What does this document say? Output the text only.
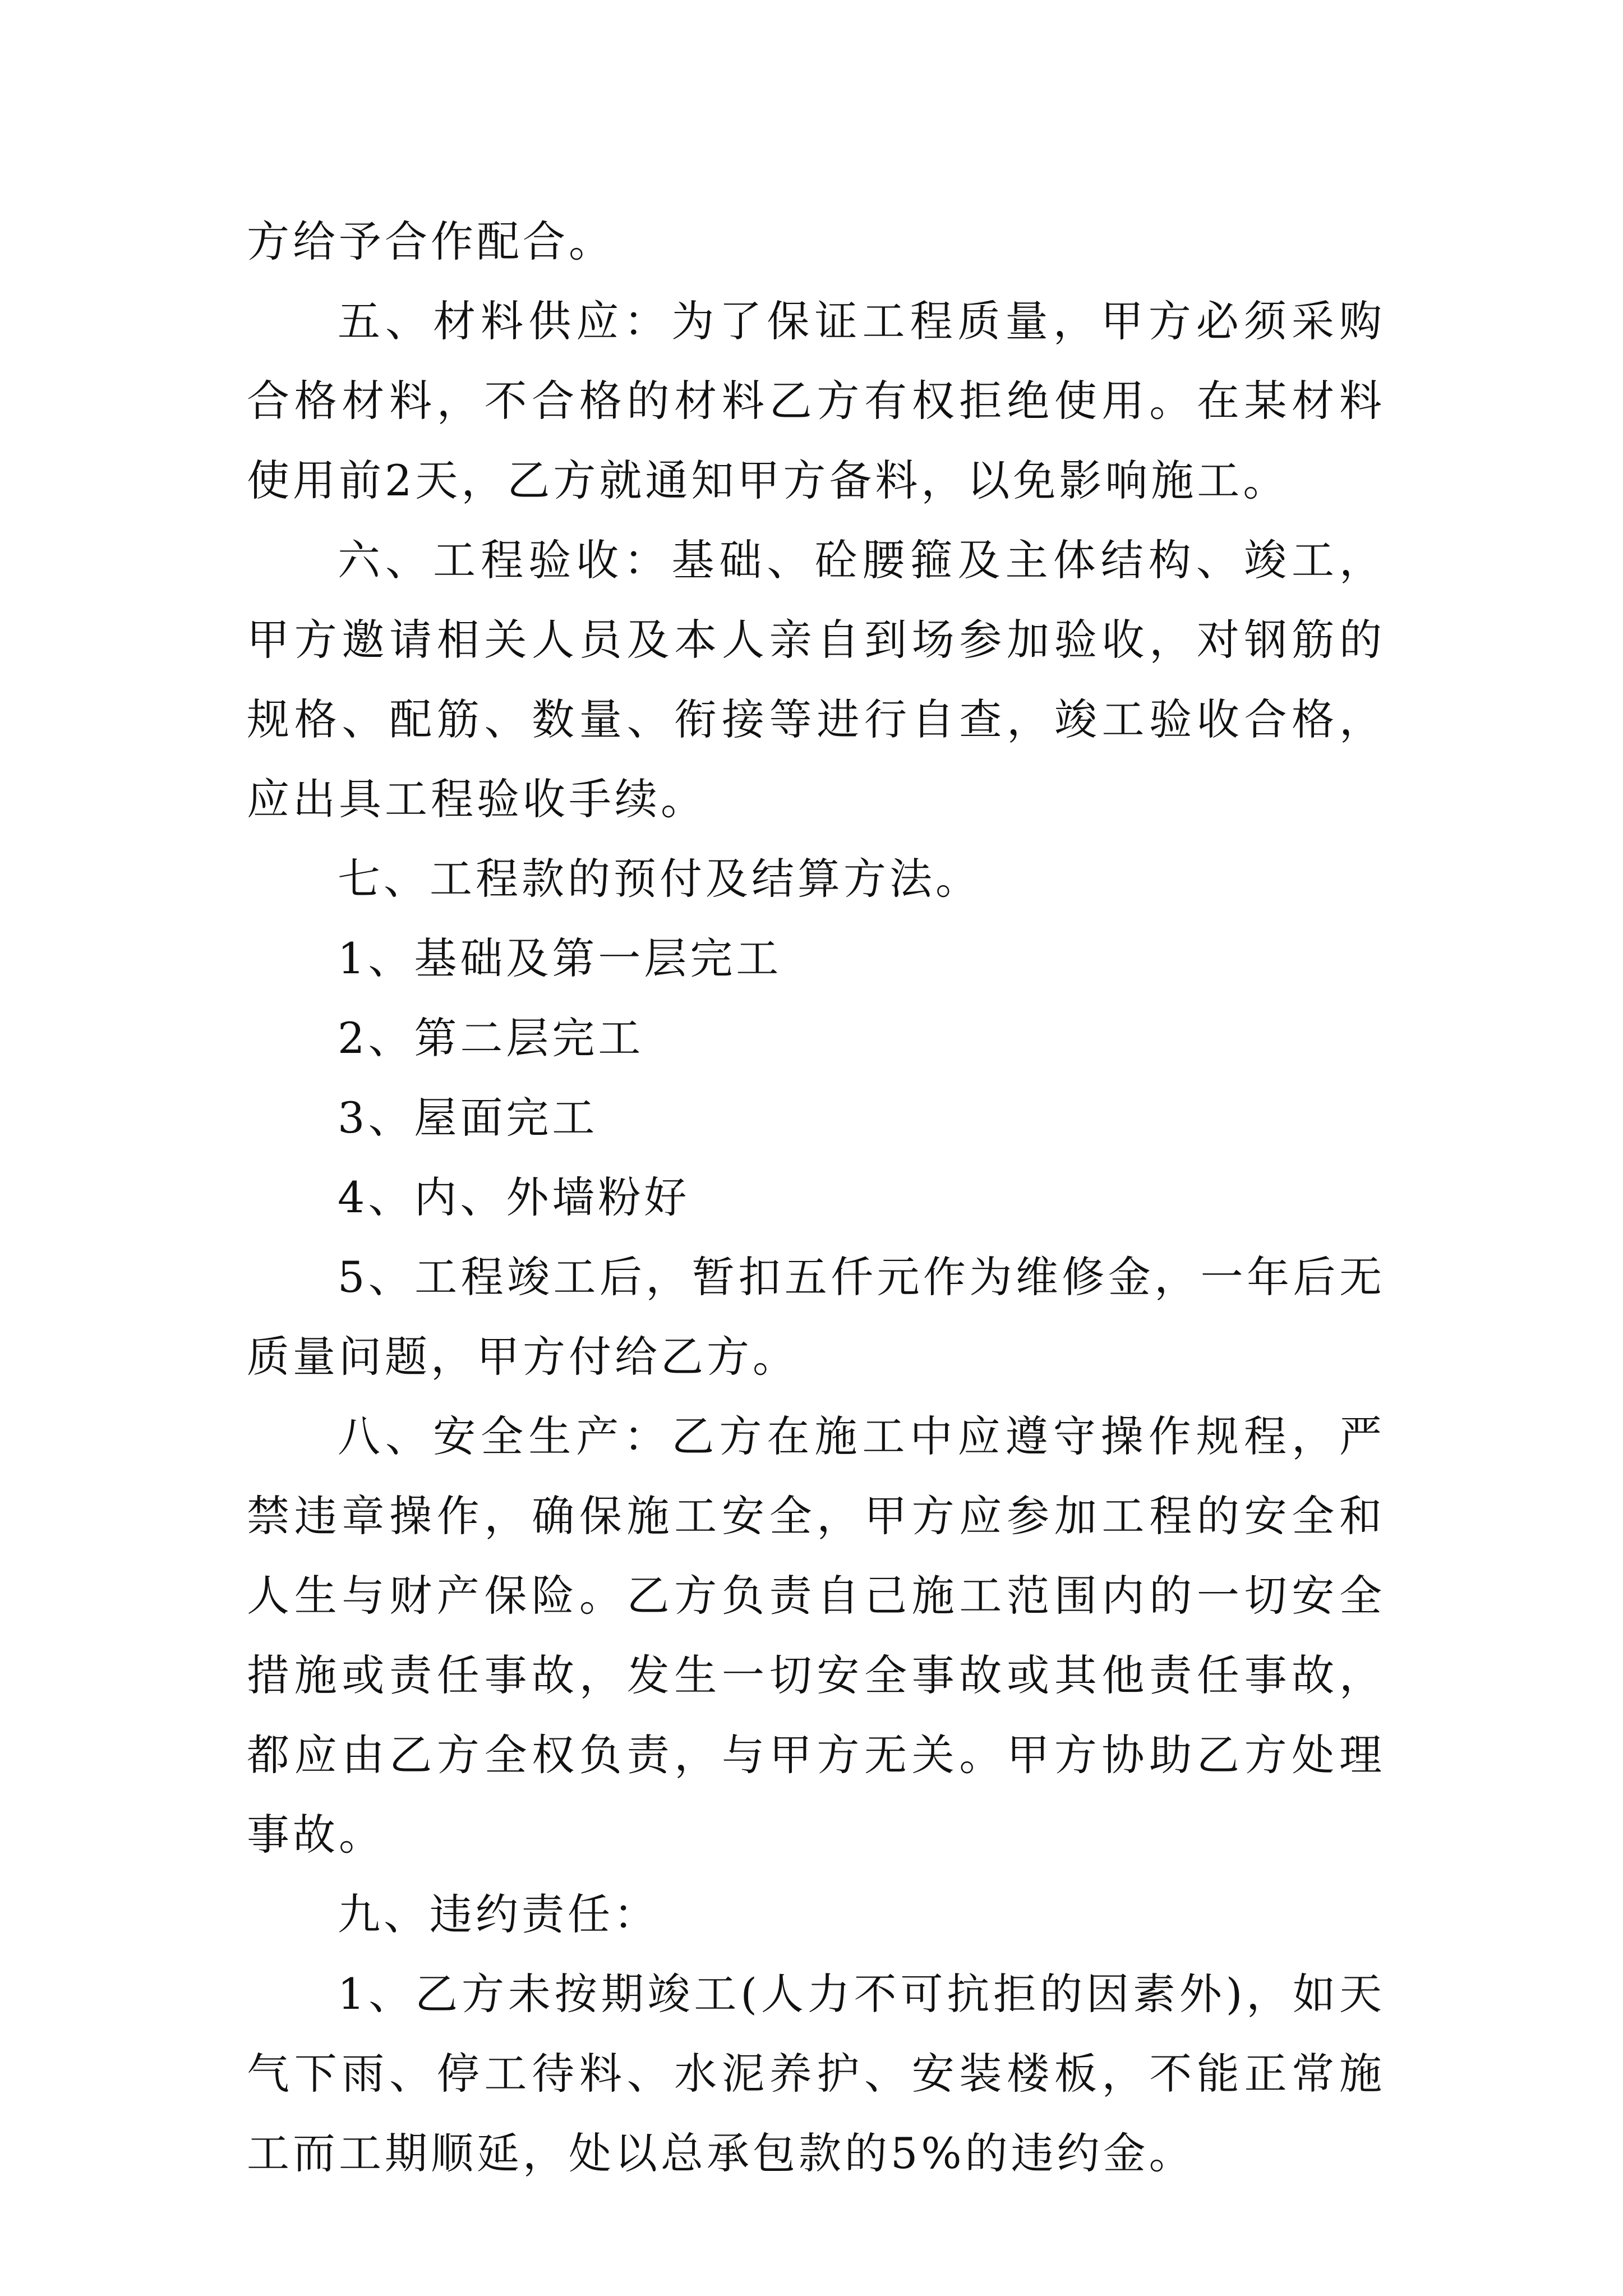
方给予合作配合。

五、材料供应：为了保证工程质量，甲方必须采购合格材料，不合格的材料乙方有权拒绝使用。在某材料使用前2天，乙方就通知甲方备料，以免影响施工。

六、工程验收：基础、砼腰箍及主体结构、竣工，甲方邀请相关人员及本人亲自到场参加验收，对钢筋的规格、配筋、数量、衔接等进行自查，竣工验收合格，应出具工程验收手续。

七、工程款的预付及结算方法。

1、基础及第一层完工

2、第二层完工

3、屋面完工

4、内、外墙粉好

5、工程竣工后，暂扣五仟元作为维修金，一年后无质量问题，甲方付给乙方。

八、安全生产：乙方在施工中应遵守操作规程，严禁违章操作，确保施工安全，甲方应参加工程的安全和人生与财产保险。乙方负责自己施工范围内的一切安全措施或责任事故，发生一切安全事故或其他责任事故，都应由乙方全权负责，与甲方无关。甲方协助乙方处理事故。

九、违约责任：

1、乙方未按期竣工(人力不可抗拒的因素外)，如天气下雨、停工待料、水泥养护、安装楼板，不能正常施工而工期顺延，处以总承包款的5%的违约金。
